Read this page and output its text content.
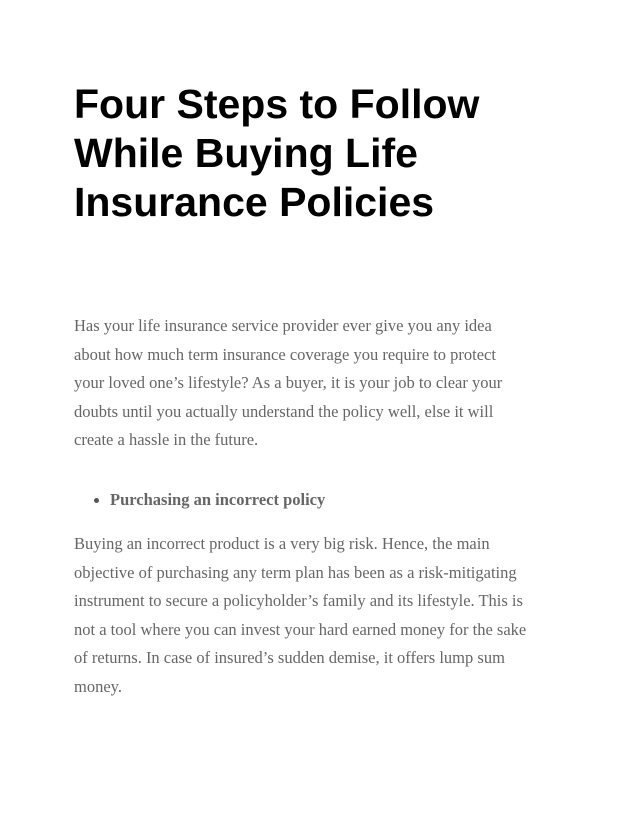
Four Steps to Follow
While Buying Life
Insurance Policies

Has your life insurance service provider ever give you any idea
about how much term insurance coverage you require to protect
your loved one’s lifestyle? As a buyer, it is your job to clear your
doubts until you actually understand the policy well, else it will
create a hassle in the future.

Purchasing an incorrect policy

Buying an incorrect product is a very big risk. Hence, the main
objective of purchasing any term plan has been as a risk-mitigating
instrument to secure a policyholder’s family and its lifestyle. This is
not a tool where you can invest your hard earned money for the sake
of returns. In case of insured’s sudden demise, it offers lump sum
money.
